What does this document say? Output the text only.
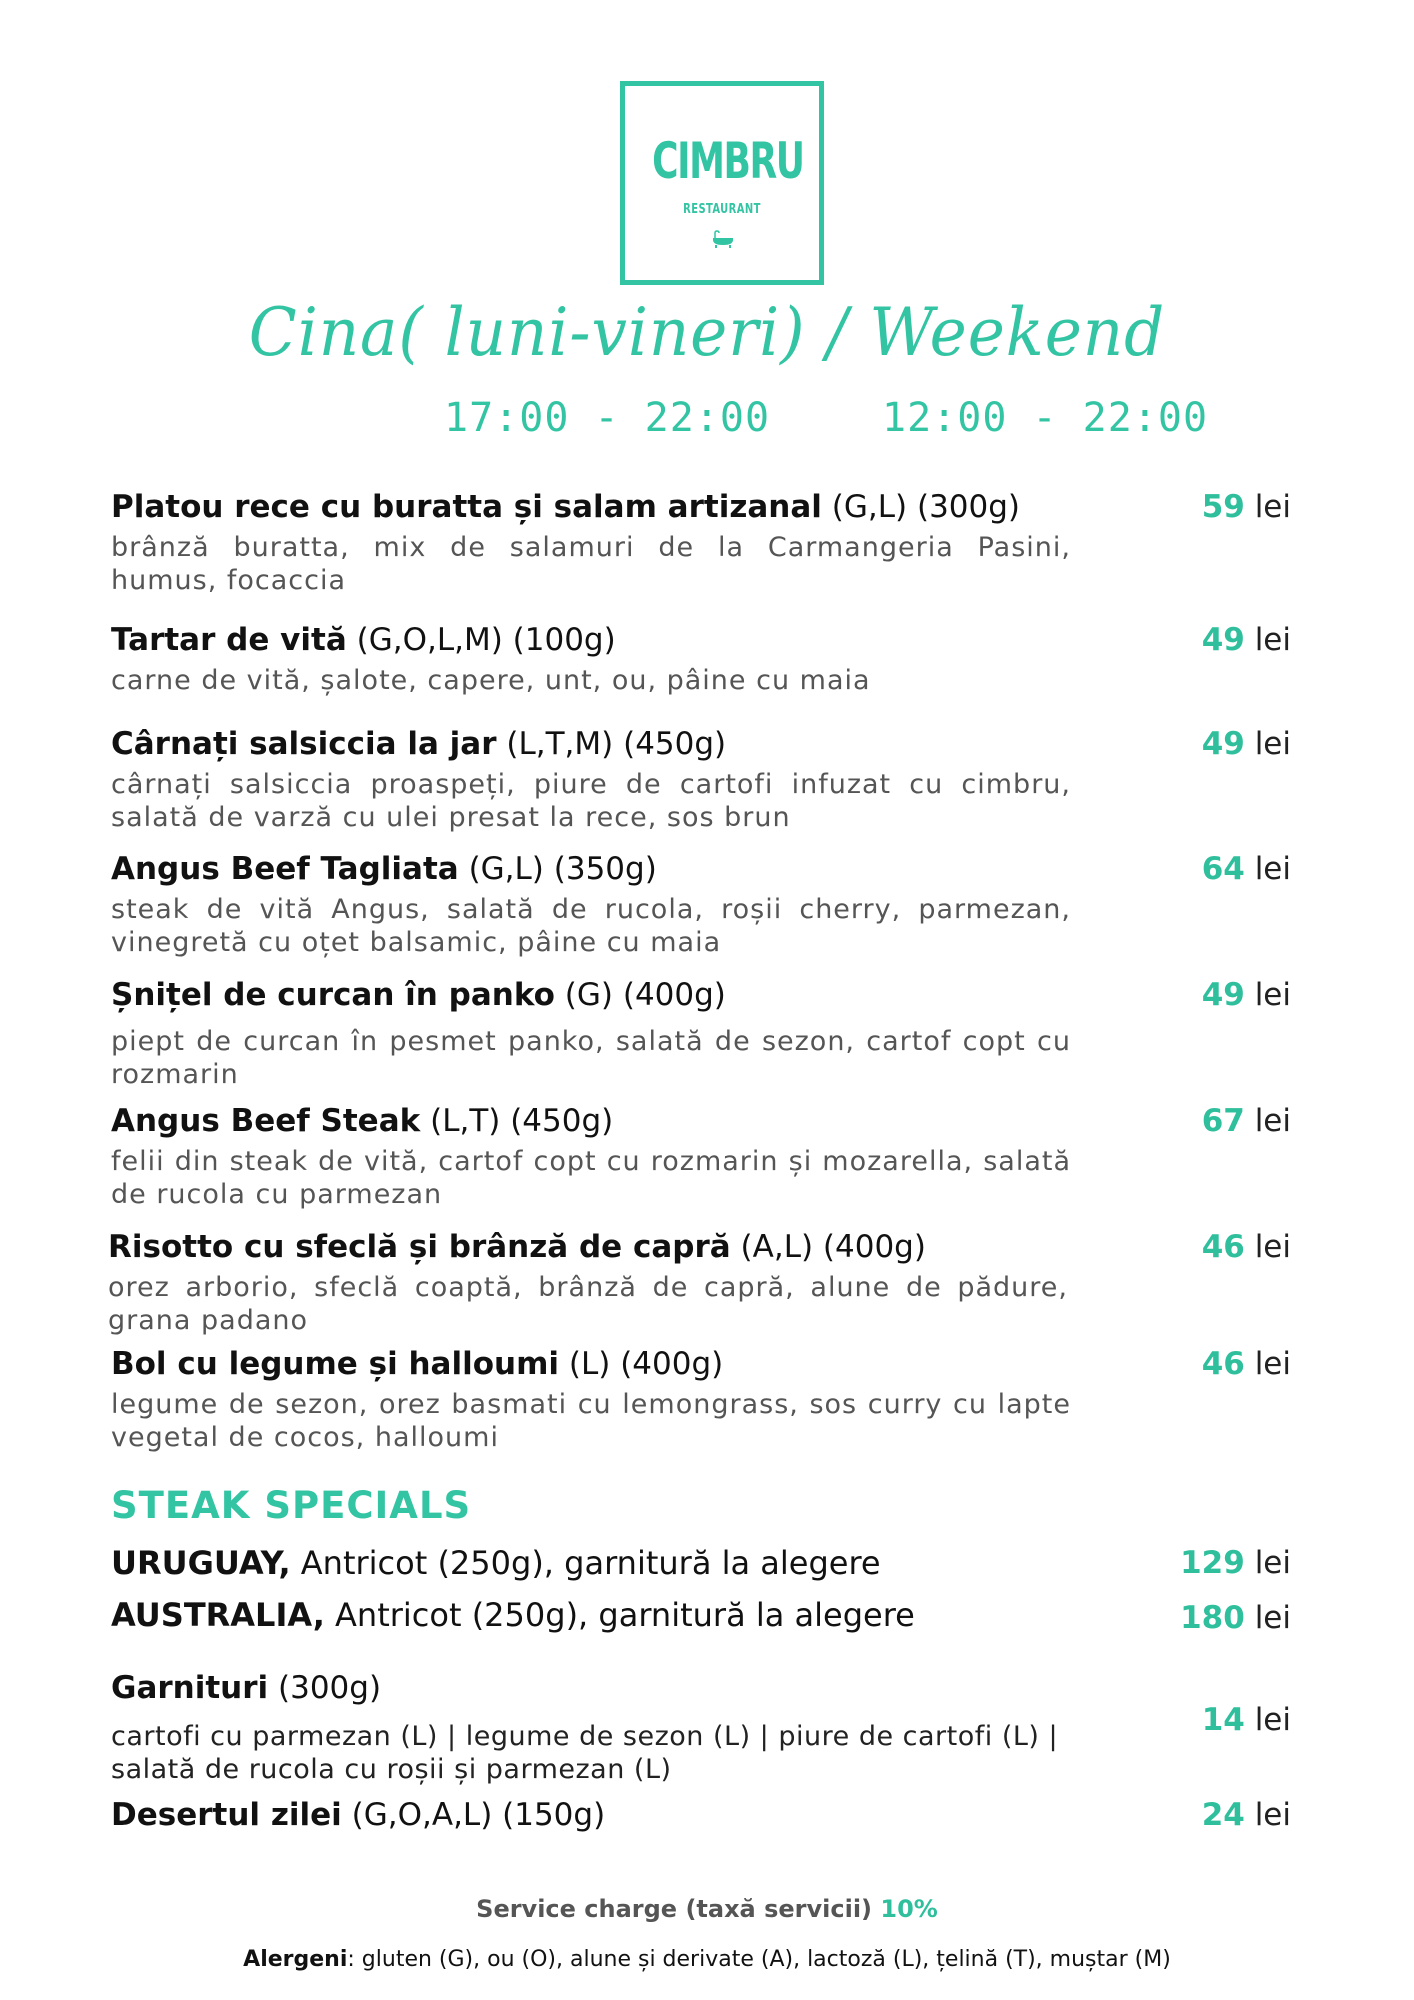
CIMBRU
RESTAURANT
Cina( luni-vineri) / Weekend
17:00 - 22:00	12:00 - 22:00
Platou rece cu buratta și salam artizanal (G,L) (300g)
brânză buratta, mix de salamuri de la Carmangeria Pasini, humus, focaccia
59 lei
Tartar de vită (G,O,L,M) (100g)
carne de vită, șalote, capere, unt, ou, pâine cu maia
49 lei
Cârnați salsiccia la jar (L,T,M) (450g)
cârnați salsiccia proaspeți, piure de cartofi infuzat cu cimbru, salată de varză cu ulei presat la rece, sos brun
49 lei
Angus Beef Tagliata (G,L) (350g)
steak de vită Angus, salată de rucola, roșii cherry, parmezan, vinegretă cu oțet balsamic, pâine cu maia
64 lei
Șnițel de curcan în panko (G) (400g)
piept de curcan în pesmet panko, salată de sezon, cartof copt cu rozmarin
49 lei
Angus Beef Steak (L,T) (450g)
felii din steak de vită, cartof copt cu rozmarin și mozarella, salată de rucola cu parmezan
67 lei
Risotto cu sfeclă și brânză de capră (A,L) (400g)
orez arborio, sfeclă coaptă, brânză de capră, alune de pădure, grana padano
46 lei
Bol cu legume și halloumi (L) (400g)
legume de sezon, orez basmati cu lemongrass, sos curry cu lapte vegetal de cocos, halloumi
46 lei
STEAK SPECIALS
URUGUAY, Antricot (250g), garnitură la alegere	129 lei
AUSTRALIA, Antricot (250g), garnitură la alegere	180 lei
Garnituri (300g)
cartofi cu parmezan (L) | legume de sezon (L) | piure de cartofi (L) | salată de rucola cu roșii și parmezan (L)
14 lei
Desertul zilei (G,O,A,L) (150g)	24 lei
Service charge (taxă servicii) 10%
Alergeni: gluten (G), ou (O), alune și derivate (A), lactoză (L), țelină (T), muștar (M)
